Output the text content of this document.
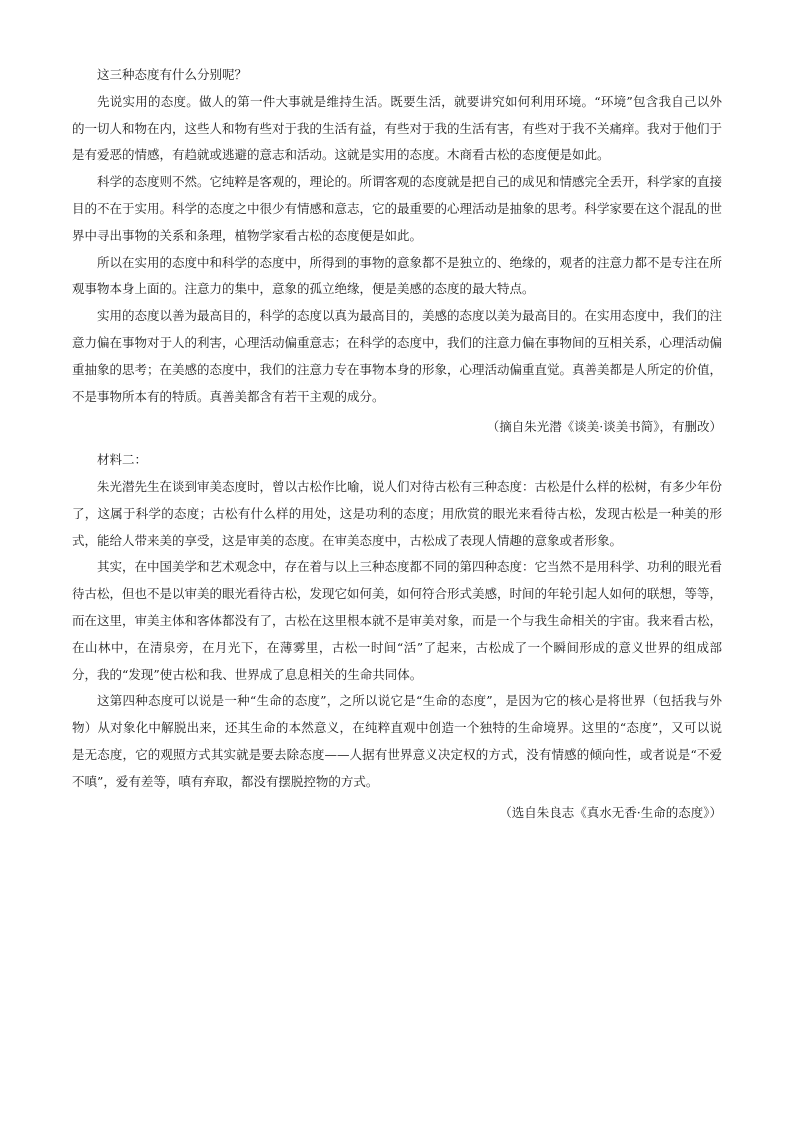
这三种态度有什么分别呢？

先说实用的态度。做人的第一件大事就是维持生活。既要生活，就要讲究如何利用环境。“环境”包含我自己以外的一切人和物在内，这些人和物有些对于我的生活有益，有些对于我的生活有害，有些对于我不关痛痒。我对于他们于是有爱恶的情感，有趋就或逃避的意志和活动。这就是实用的态度。木商看古松的态度便是如此。

科学的态度则不然。它纯粹是客观的，理论的。所谓客观的态度就是把自己的成见和情感完全丢开，科学家的直接目的不在于实用。科学的态度之中很少有情感和意志，它的最重要的心理活动是抽象的思考。科学家要在这个混乱的世界中寻出事物的关系和条理，植物学家看古松的态度便是如此。

所以在实用的态度中和科学的态度中，所得到的事物的意象都不是独立的、绝缘的，观者的注意力都不是专注在所观事物本身上面的。注意力的集中，意象的孤立绝缘，便是美感的态度的最大特点。

实用的态度以善为最高目的，科学的态度以真为最高目的，美感的态度以美为最高目的。在实用态度中，我们的注意力偏在事物对于人的利害，心理活动偏重意志；在科学的态度中，我们的注意力偏在事物间的互相关系，心理活动偏重抽象的思考；在美感的态度中，我们的注意力专在事物本身的形象，心理活动偏重直觉。真善美都是人所定的价值，不是事物所本有的特质。真善美都含有若干主观的成分。

（摘自朱光潜《谈美·谈美书简》，有删改）

材料二：

朱光潜先生在谈到审美态度时，曾以古松作比喻，说人们对待古松有三种态度：古松是什么样的松树，有多少年份了，这属于科学的态度；古松有什么样的用处，这是功利的态度；用欣赏的眼光来看待古松，发现古松是一种美的形式，能给人带来美的享受，这是审美的态度。在审美态度中，古松成了表现人情趣的意象或者形象。

其实，在中国美学和艺术观念中，存在着与以上三种态度都不同的第四种态度：它当然不是用科学、功利的眼光看待古松，但也不是以审美的眼光看待古松，发现它如何美，如何符合形式美感，时间的年轮引起人如何的联想，等等，而在这里，审美主体和客体都没有了，古松在这里根本就不是审美对象，而是一个与我生命相关的宇宙。我来看古松，在山林中，在清泉旁，在月光下，在薄雾里，古松一时间“活”了起来，古松成了一个瞬间形成的意义世界的组成部分，我的“发现”使古松和我、世界成了息息相关的生命共同体。

这第四种态度可以说是一种“生命的态度”，之所以说它是“生命的态度”，是因为它的核心是将世界（包括我与外物）从对象化中解脱出来，还其生命的本然意义，在纯粹直观中创造一个独特的生命境界。这里的“态度”，又可以说是无态度，它的观照方式其实就是要去除态度——人据有世界意义决定权的方式，没有情感的倾向性，或者说是“不爱不嗔”，爱有差等，嗔有弃取，都没有摆脱控物的方式。

（选自朱良志《真水无香·生命的态度》）
